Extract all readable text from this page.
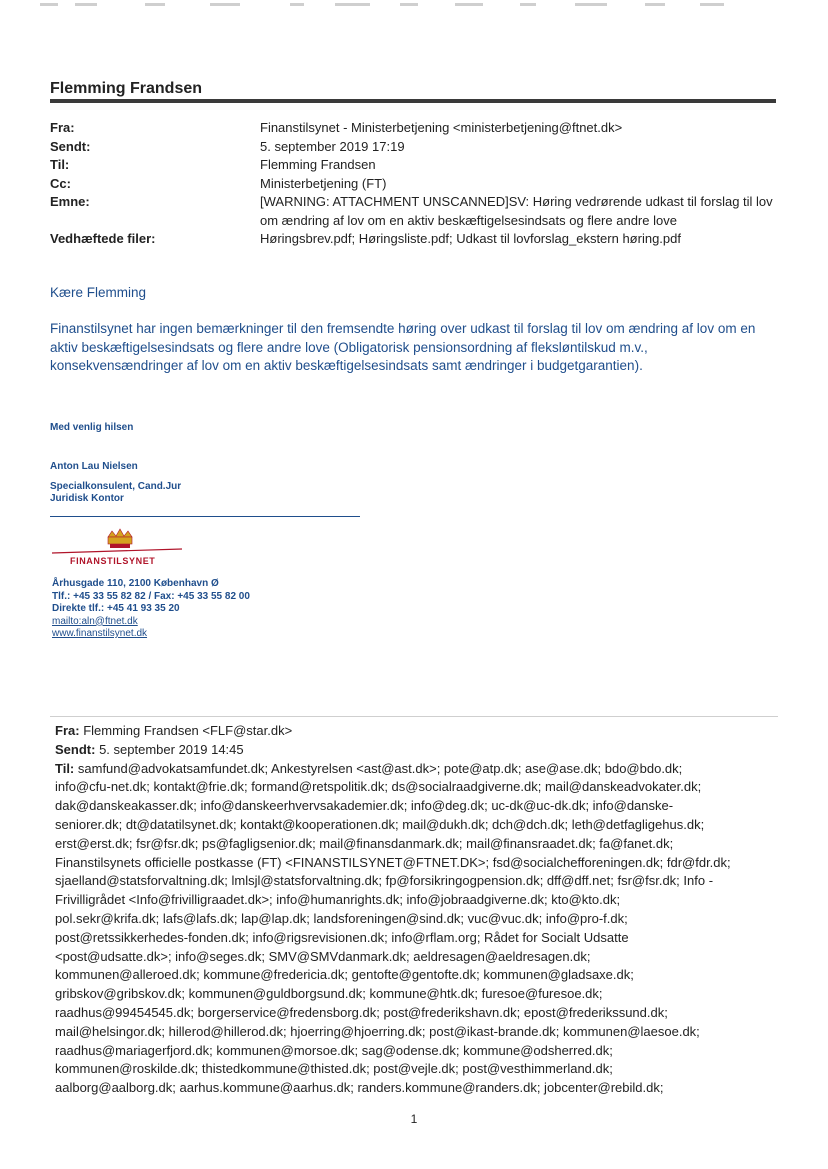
Flemming Frandsen
Fra:	Finanstilsynet - Ministerbetjening <ministerbetjening@ftnet.dk>
Sendt:	5. september 2019 17:19
Til:	Flemming Frandsen
Cc:	Ministerbetjening (FT)
Emne:	[WARNING: ATTACHMENT UNSCANNED]SV: Høring vedrørende udkast til forslag til lov om ændring af lov om en aktiv beskæftigelsesindsats og flere andre love
Vedhæftede filer:	Høringsbrev.pdf; Høringsliste.pdf; Udkast til lovforslag_ekstern høring.pdf
Kære Flemming
Finanstilsynet har ingen bemærkninger til den fremsendte høring over udkast til forslag til lov om ændring af lov om en aktiv beskæftigelsesindsats og flere andre love (Obligatorisk pensionsordning af fleksløntilskud m.v., konsekvensændringer af lov om en aktiv beskæftigelsesindsats samt ændringer i budgetgarantien).
Med venlig hilsen
Anton Lau Nielsen
Specialkonsulent, Cand.Jur
Juridisk Kontor
FINANSTILSYNET
Århusgade 110, 2100 København Ø
Tlf.: +45 33 55 82 82 / Fax: +45 33 55 82 00
Direkte tlf.: +45 41 93 35 20
mailto:aln@ftnet.dk
www.finanstilsynet.dk
Fra: Flemming Frandsen <FLF@star.dk>
Sendt: 5. september 2019 14:45
Til: samfund@advokatsamfundet.dk; Ankestyrelsen <ast@ast.dk>; pote@atp.dk; ase@ase.dk; bdo@bdo.dk;
info@cfu-net.dk; kontakt@frie.dk; formand@retspolitik.dk; ds@socialraadgiverne.dk; mail@danskeadvokater.dk;
dak@danskeakasser.dk; info@danskeerhvervsakademier.dk; info@deg.dk; uc-dk@uc-dk.dk; info@danske-
seniorer.dk; dt@datatilsynet.dk; kontakt@kooperationen.dk; mail@dukh.dk; dch@dch.dk; leth@detfagligehus.dk;
erst@erst.dk; fsr@fsr.dk; ps@fagligsenior.dk; mail@finansdanmark.dk; mail@finansraadet.dk; fa@fanet.dk;
Finanstilsynets officielle postkasse (FT) <FINANSTILSYNET@FTNET.DK>; fsd@socialchefforeningen.dk; fdr@fdr.dk;
sjaelland@statsforvaltning.dk; lmlsjl@statsforvaltning.dk; fp@forsikringogpension.dk; dff@dff.net; fsr@fsr.dk; Info -
Frivilligrådet <Info@frivilligraadet.dk>; info@humanrights.dk; info@jobraadgiverne.dk; kto@kto.dk;
pol.sekr@krifa.dk; lafs@lafs.dk; lap@lap.dk; landsforeningen@sind.dk; vuc@vuc.dk; info@pro-f.dk;
post@retssikkerhedes-fonden.dk; info@rigsrevisionen.dk; info@rflam.org; Rådet for Socialt Udsatte
<post@udsatte.dk>; info@seges.dk; SMV@SMVdanmark.dk; aeldresagen@aeldresagen.dk;
kommunen@alleroed.dk; kommune@fredericia.dk; gentofte@gentofte.dk; kommunen@gladsaxe.dk;
gribskov@gribskov.dk; kommunen@guldborgsund.dk; kommune@htk.dk; furesoe@furesoe.dk;
raadhus@99454545.dk; borgerservice@fredensborg.dk; post@frederikshavn.dk; epost@frederikssund.dk;
mail@helsingor.dk; hillerod@hillerod.dk; hjoerring@hjoerring.dk; post@ikast-brande.dk; kommunen@laesoe.dk;
raadhus@mariagerfjord.dk; kommunen@morsoe.dk; sag@odense.dk; kommune@odsherred.dk;
kommunen@roskilde.dk; thistedkommune@thisted.dk; post@vejle.dk; post@vesthimmerland.dk;
aalborg@aalborg.dk; aarhus.kommune@aarhus.dk; randers.kommune@randers.dk; jobcenter@rebild.dk;
1
